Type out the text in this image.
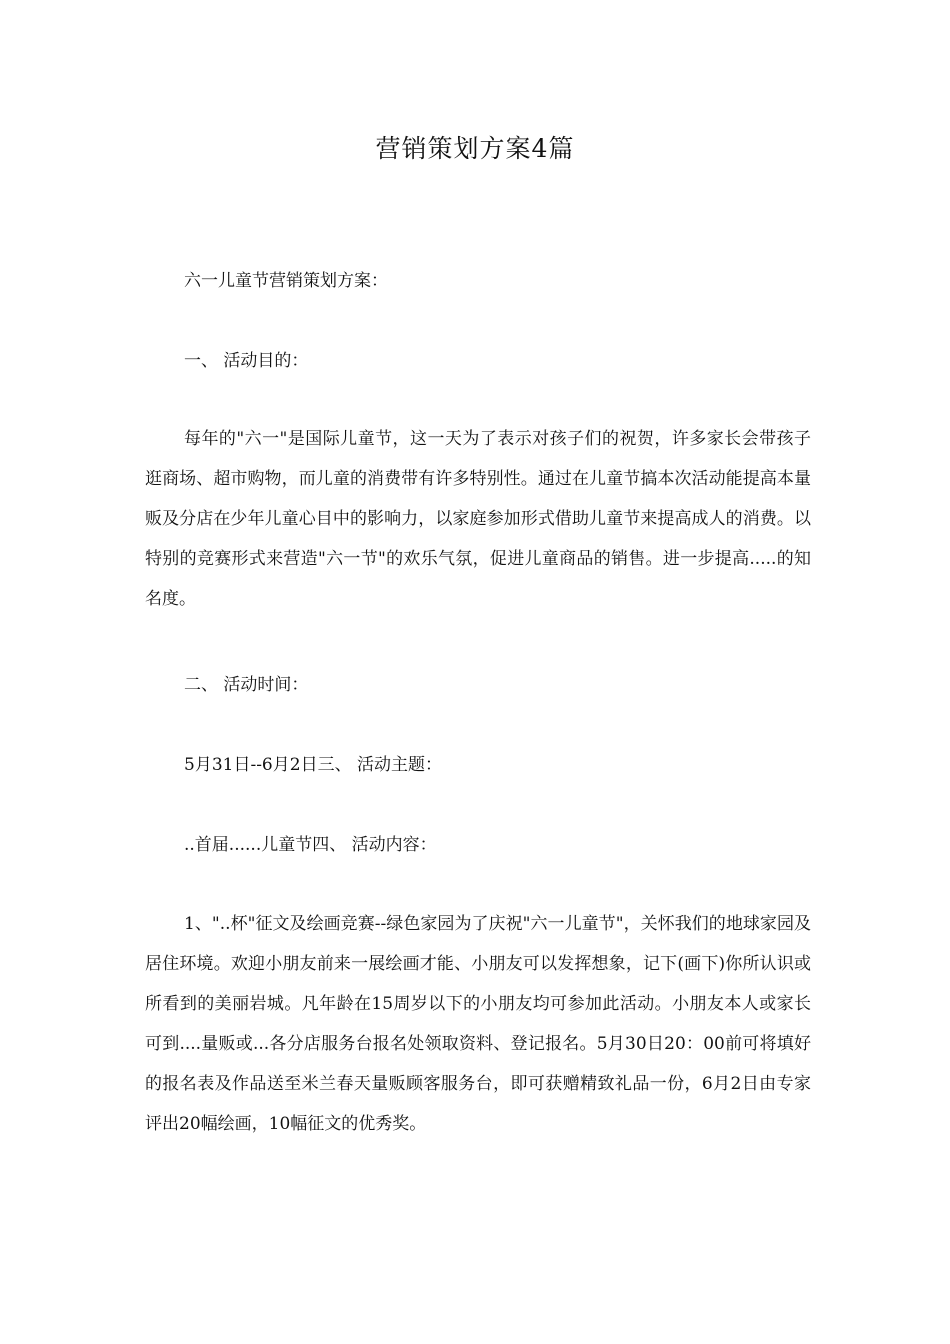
营销策划方案4篇
六一儿童节营销策划方案：
一、 活动目的：
每年的"六一"是国际儿童节，这一天为了表示对孩子们的祝贺，许多家长会带孩子逛商场、超市购物，而儿童的消费带有许多特别性。通过在儿童节搞本次活动能提高本量贩及分店在少年儿童心目中的影响力，以家庭参加形式借助儿童节来提高成人的消费。以特别的竞赛形式来营造"六一节"的欢乐气氛，促进儿童商品的销售。进一步提高.....的知名度。
二、 活动时间：
5月31日--6月2日三、 活动主题：
..首届......儿童节四、 活动内容：
1、"..杯"征文及绘画竞赛--绿色家园为了庆祝"六一儿童节"，关怀我们的地球家园及居住环境。欢迎小朋友前来一展绘画才能、小朋友可以发挥想象，记下(画下)你所认识或所看到的美丽岩城。凡年龄在15周岁以下的小朋友均可参加此活动。小朋友本人或家长可到....量贩或...各分店服务台报名处领取资料、登记报名。5月30日20：00前可将填好的报名表及作品送至米兰春天量贩顾客服务台，即可获赠精致礼品一份，6月2日由专家评出20幅绘画，10幅征文的优秀奖。
